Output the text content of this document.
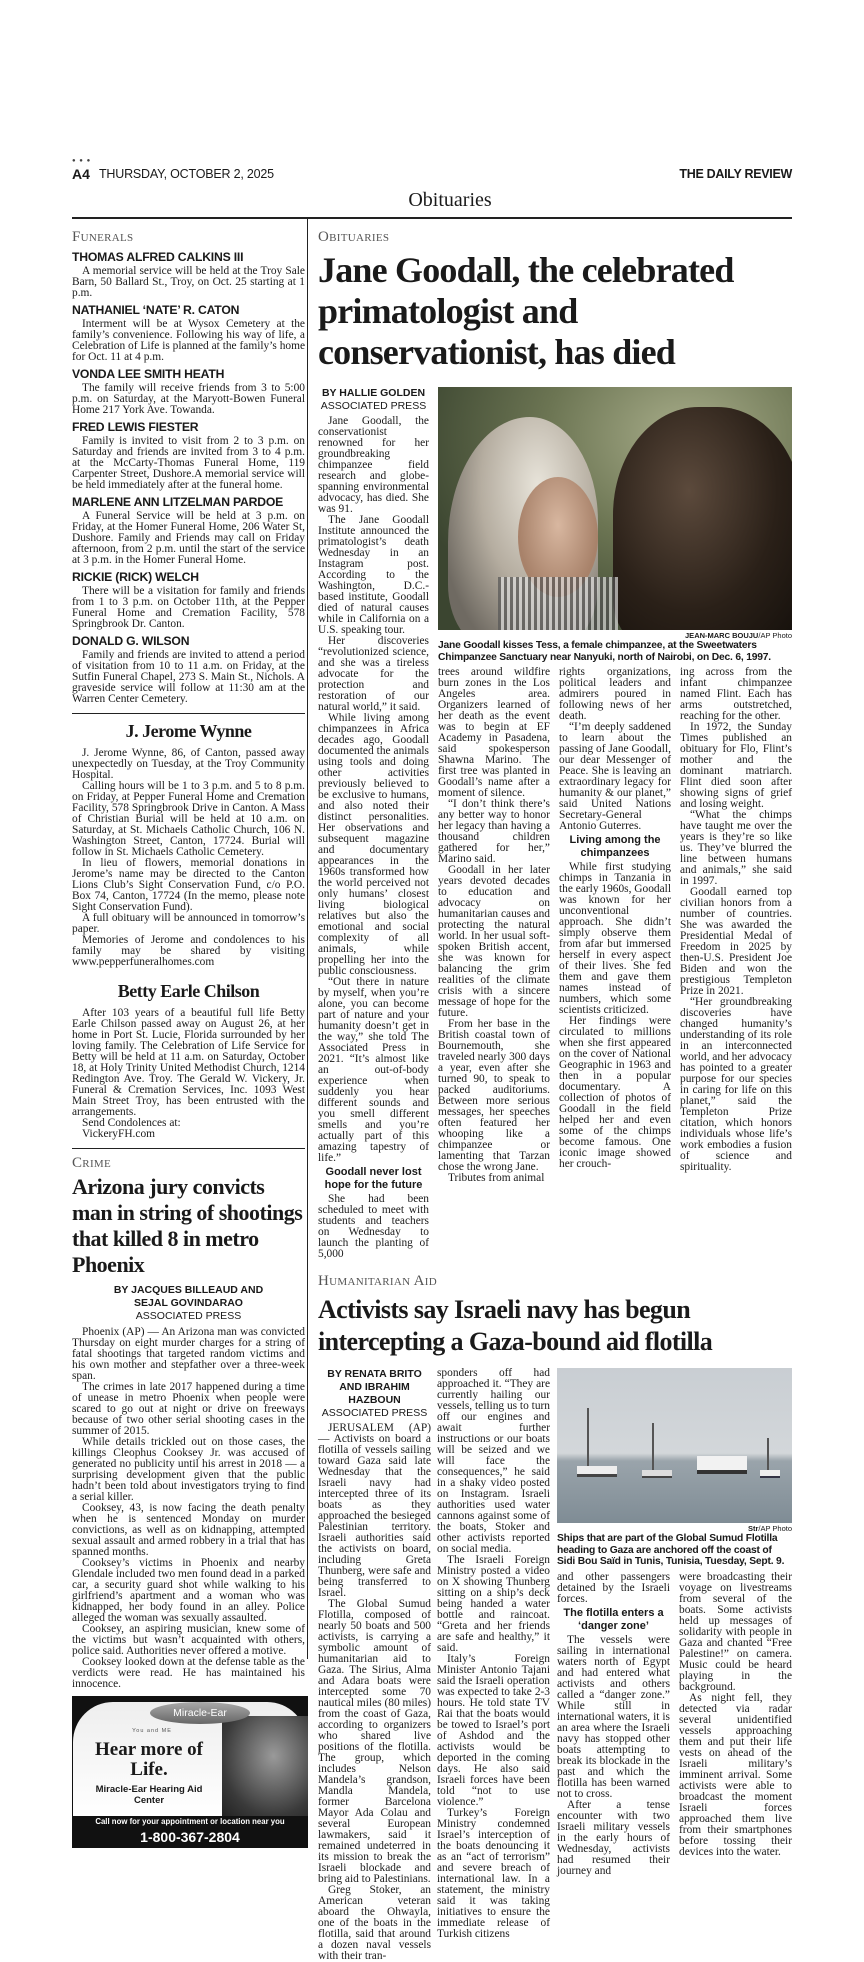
● ● ●
A4 THURSDAY, OCTOBER 2, 2025	THE DAILY REVIEW
Obituaries
Funerals
THOMAS ALFRED CALKINS III

A memorial service will be held at the Troy Sale Barn, 50 Ballard St., Troy, on Oct. 25 starting at 1 p.m.

NATHANIEL ‘NATE’ R. CATON

Interment will be at Wysox Cemetery at the family’s convenience. Following his way of life, a Celebration of Life is planned at the family’s home for Oct. 11 at 4 p.m.

VONDA LEE SMITH HEATH

The family will receive friends from 3 to 5:00 p.m. on Saturday, at the Maryott-Bowen Funeral Home 217 York Ave. Towanda.

FRED LEWIS FIESTER

Family is invited to visit from 2 to 3 p.m. on Saturday and friends are invited from 3 to 4 p.m. at the McCarty-Thomas Funeral Home, 119 Carpenter Street, Dushore.A memorial service will be held immediately after at the funeral home.

MARLENE ANN LITZELMAN PARDOE

A Funeral Service will be held at 3 p.m. on Friday, at the Homer Funeral Home, 206 Water St, Dushore. Family and Friends may call on Friday afternoon, from 2 p.m. until the start of the service at 3 p.m. in the Homer Funeral Home.

RICKIE (RICK) WELCH

There will be a visitation for family and friends from 1 to 3 p.m. on October 11th, at the Pepper Funeral Home and Cremation Facility, 578 Springbrook Dr. Canton.

DONALD G. WILSON

Family and friends are invited to attend a period of visitation from 10 to 11 a.m. on Friday, at the Sutfin Funeral Chapel, 273 S. Main St., Nichols. A graveside service will follow at 11:30 am at the Warren Center Cemetery.

J. Jerome Wynne

J. Jerome Wynne, 86, of Canton, passed away unexpectedly on Tuesday, at the Troy Community Hospital.

Calling hours will be 1 to 3 p.m. and 5 to 8 p.m. on Friday, at Pepper Funeral Home and Cremation Facility, 578 Springbrook Drive in Canton. A Mass of Christian Burial will be held at 10 a.m. on Saturday, at St. Michaels Catholic Church, 106 N. Washington Street, Canton, 17724. Burial will follow in St. Michaels Catholic Cemetery.

In lieu of flowers, memorial donations in Jerome’s name may be directed to the Canton Lions Club’s Sight Conservation Fund, c/o P.O. Box 74, Canton, 17724 (In the memo, please note Sight Conservation Fund).

A full obituary will be announced in tomorrow’s paper.

Memories of Jerome and condolences to his family may be shared by visiting www.pepperfuneralhomes.com

Betty Earle Chilson

After 103 years of a beautiful full life Betty Earle Chilson passed away on August 26, at her home in Port St. Lucie, Florida surrounded by her loving family. The Celebration of Life Service for Betty will be held at 11 a.m. on Saturday, October 18, at Holy Trinity United Methodist Church, 1214 Redington Ave. Troy. The Gerald W. Vickery, Jr. Funeral & Cremation Services, Inc. 1093 West Main Street Troy, has been entrusted with the arrangements.

Send Condolences at:

VickeryFH.com

Crime
Arizona jury convicts man in string of shootings that killed 8 in metro Phoenix
BY JACQUES BILLEAUD AND SEJAL GOVINDARAO
ASSOCIATED PRESS

Phoenix (AP) — An Arizona man was convicted Thursday on eight murder charges for a string of fatal shootings that targeted random victims and his own mother and stepfather over a three-week span.

The crimes in late 2017 happened during a time of unease in metro Phoenix when people were scared to go out at night or drive on freeways because of two other serial shooting cases in the summer of 2015.

While details trickled out on those cases, the killings Cleophus Cooksey Jr. was accused of generated no publicity until his arrest in 2018 — a surprising development given that the public hadn’t been told about investigators trying to find a serial killer.

Cooksey, 43, is now facing the death penalty when he is sentenced Monday on murder convictions, as well as on kidnapping, attempted sexual assault and armed robbery in a trial that has spanned months.

Cooksey’s victims in Phoenix and nearby Glendale included two men found dead in a parked car, a security guard shot while walking to his girlfriend’s apartment and a woman who was kidnapped, her body found in an alley. Police alleged the woman was sexually assaulted.

Cooksey, an aspiring musician, knew some of the victims but wasn’t acquainted with others, police said. Authorities never offered a motive.

Cooksey looked down at the defense table as the verdicts were read. He has maintained his innocence.

Miracle-Ear
You and ME
Hear more of Life.
Miracle-Ear Hearing Aid Center
Call now for your appointment or location near you
1-800-367-2804
Obituaries
Jane Goodall, the celebrated primatologist and conservationist, has died
BY HALLIE GOLDEN
ASSOCIATED PRESS

Jane Goodall, the conservationist renowned for her groundbreaking chimpanzee field research and globe-spanning environmental advocacy, has died. She was 91.

The Jane Goodall Institute announced the primatologist’s death Wednesday in an Instagram post. According to the Washington, D.C.-based institute, Goodall died of natural causes while in California on a U.S. speaking tour.

Her discoveries “revolutionized science, and she was a tireless advocate for the protection and restoration of our natural world,” it said.

While living among chimpanzees in Africa decades ago, Goodall documented the animals using tools and doing other activities previously believed to be exclusive to humans, and also noted their distinct personalities. Her observations and subsequent magazine and documentary appearances in the 1960s transformed how the world perceived not only humans’ closest living biological relatives but also the emotional and social complexity of all animals, while propelling her into the public consciousness.

“Out there in nature by myself, when you’re alone, you can become part of nature and your humanity doesn’t get in the way,” she told The Associated Press in 2021. “It’s almost like an out-of-body experience when suddenly you hear different sounds and you smell different smells and you’re actually part of this amazing tapestry of life.”

Goodall never lost hope for the future

She had been scheduled to meet with students and teachers on Wednesday to launch the planting of 5,000

JEAN-MARC BOUJU/AP Photo
Jane Goodall kisses Tess, a female chimpanzee, at the Sweetwaters Chimpanzee Sanctuary near Nanyuki, north of Nairobi, on Dec. 6, 1997.

trees around wildfire burn zones in the Los Angeles area. Organizers learned of her death as the event was to begin at EF Academy in Pasadena, said spokesperson Shawna Marino. The first tree was planted in Goodall’s name after a moment of silence.

“I don’t think there’s any better way to honor her legacy than having a thousand children gathered for her,” Marino said.

Goodall in her later years devoted decades to education and advocacy on humanitarian causes and protecting the natural world. In her usual soft-spoken British accent, she was known for balancing the grim realities of the climate crisis with a sincere message of hope for the future.

From her base in the British coastal town of Bournemouth, she traveled nearly 300 days a year, even after she turned 90, to speak to packed auditoriums. Between more serious messages, her speeches often featured her whooping like a chimpanzee or lamenting that Tarzan chose the wrong Jane.

Tributes from animal

rights organizations, political leaders and admirers poured in following news of her death.

“I’m deeply saddened to learn about the passing of Jane Goodall, our dear Messenger of Peace. She is leaving an extraordinary legacy for humanity & our planet,” said United Nations Secretary-General Antonio Guterres.

Living among the chimpanzees

While first studying chimps in Tanzania in the early 1960s, Goodall was known for her unconventional approach. She didn’t simply observe them from afar but immersed herself in every aspect of their lives. She fed them and gave them names instead of numbers, which some scientists criticized.

Her findings were circulated to millions when she first appeared on the cover of National Geographic in 1963 and then in a popular documentary. A collection of photos of Goodall in the field helped her and even some of the chimps become famous. One iconic image showed her crouch-

ing across from the infant chimpanzee named Flint. Each has arms outstretched, reaching for the other.

In 1972, the Sunday Times published an obituary for Flo, Flint’s mother and the dominant matriarch. Flint died soon after showing signs of grief and losing weight.

“What the chimps have taught me over the years is they’re so like us. They’ve blurred the line between humans and animals,” she said in 1997.

Goodall earned top civilian honors from a number of countries. She was awarded the Presidential Medal of Freedom in 2025 by then-U.S. President Joe Biden and won the prestigious Templeton Prize in 2021.

“Her groundbreaking discoveries have changed humanity’s understanding of its role in an interconnected world, and her advocacy has pointed to a greater purpose for our species in caring for life on this planet,” said the Templeton Prize citation, which honors individuals whose life’s work embodies a fusion of science and spirituality.

Humanitarian Aid
Activists say Israeli navy has begun intercepting a Gaza-bound aid flotilla
BY RENATA BRITO AND IBRAHIM HAZBOUN
ASSOCIATED PRESS

JERUSALEM (AP) — Activists on board a flotilla of vessels sailing toward Gaza said late Wednesday that the Israeli navy had intercepted three of its boats as they approached the besieged Palestinian territory. Israeli authorities said the activists on board, including Greta Thunberg, were safe and being transferred to Israel.

The Global Sumud Flotilla, composed of nearly 50 boats and 500 activists, is carrying a symbolic amount of humanitarian aid to Gaza. The Sirius, Alma and Adara boats were intercepted some 70 nautical miles (80 miles) from the coast of Gaza, according to organizers who shared live positions of the flotilla. The group, which includes Nelson Mandela’s grandson, Mandla Mandela, former Barcelona Mayor Ada Colau and several European lawmakers, said it remained undeterred in its mission to break the Israeli blockade and bring aid to Palestinians.

Greg Stoker, an American veteran aboard the Ohwayla, one of the boats in the flotilla, said that around a dozen naval vessels with their tran-

sponders off had approached it. “They are currently hailing our vessels, telling us to turn off our engines and await further instructions or our boats will be seized and we will face the consequences,” he said in a shaky video posted on Instagram. Israeli authorities used water cannons against some of the boats, Stoker and other activists reported on social media.

The Israeli Foreign Ministry posted a video on X showing Thunberg sitting on a ship’s deck being handed a water bottle and raincoat. “Greta and her friends are safe and healthy,” it said.

Italy’s Foreign Minister Antonio Tajani said the Israeli operation was expected to take 2-3 hours. He told state TV Rai that the boats would be towed to Israel’s port of Ashdod and the activists would be deported in the coming days. He also said Israeli forces have been told “not to use violence.”

Turkey’s Foreign Ministry condemned Israel’s interception of the boats denouncing it as an “act of terrorism” and severe breach of international law. In a statement, the ministry said it was taking initiatives to ensure the immediate release of Turkish citizens

Str/AP Photo
Ships that are part of the Global Sumud Flotilla heading to Gaza are anchored off the coast of Sidi Bou Saïd in Tunis, Tunisia, Tuesday, Sept. 9.

and other passengers detained by the Israeli forces.

The flotilla enters a ‘danger zone’

The vessels were sailing in international waters north of Egypt and had entered what activists and others called a “danger zone.” While still in international waters, it is an area where the Israeli navy has stopped other boats attempting to break its blockade in the past and which the flotilla has been warned not to cross.

After a tense encounter with two Israeli military vessels in the early hours of Wednesday, activists had resumed their journey and

were broadcasting their voyage on livestreams from several of the boats. Some activists held up messages of solidarity with people in Gaza and chanted “Free Palestine!” on camera. Music could be heard playing in the background.

As night fell, they detected via radar several unidentified vessels approaching them and put their life vests on ahead of the Israeli military’s imminent arrival. Some activists were able to broadcast the moment Israeli forces approached them live from their smartphones before tossing their devices into the water.
